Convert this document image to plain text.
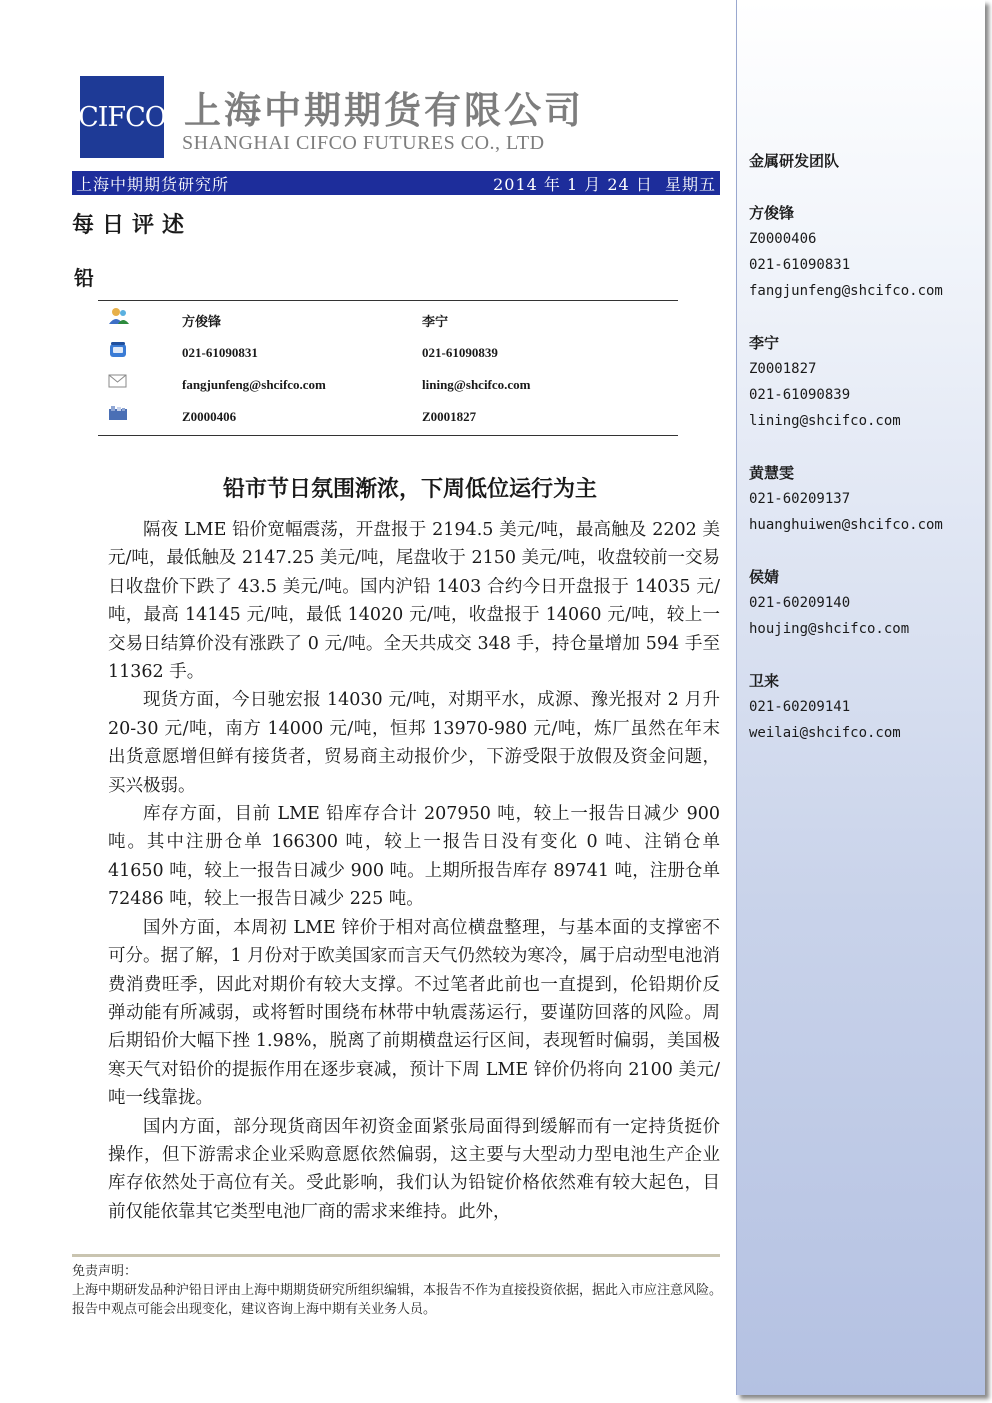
CIFCO 上海中期期货有限公司
SHANGHAI CIFCO FUTURES CO., LTD
上海中期期货研究所	2014 年 1 月 24 日  星期五
每日评述
铅
方俊锋	李宁
021-61090831	021-61090839
fangjunfeng@shcifco.com	lining@shcifco.com
Z0000406	Z0001827
铅市节日氛围渐浓，下周低位运行为主

隔夜 LME 铅价宽幅震荡，开盘报于 2194.5 美元/吨，最高触及 2202 美元/吨，最低触及 2147.25 美元/吨，尾盘收于 2150 美元/吨，收盘较前一交易日收盘价下跌了 43.5 美元/吨。国内沪铅 1403 合约今日开盘报于 14035 元/吨，最高 14145 元/吨，最低 14020 元/吨，收盘报于 14060 元/吨，较上一交易日结算价没有涨跌了 0 元/吨。全天共成交 348 手，持仓量增加 594 手至 11362 手。

现货方面，今日驰宏报 14030 元/吨，对期平水，成源、豫光报对 2 月升 20-30 元/吨，南方 14000 元/吨，恒邦 13970-980 元/吨，炼厂虽然在年末出货意愿增但鲜有接货者，贸易商主动报价少，下游受限于放假及资金问题，买兴极弱。

库存方面，目前 LME 铅库存合计 207950 吨，较上一报告日减少 900 吨。其中注册仓单 166300 吨，较上一报告日没有变化 0 吨、注销仓单 41650 吨，较上一报告日减少 900 吨。上期所报告库存 89741 吨，注册仓单 72486 吨，较上一报告日减少 225 吨。

国外方面，本周初 LME 锌价于相对高位横盘整理，与基本面的支撑密不可分。据了解，1 月份对于欧美国家而言天气仍然较为寒冷，属于启动型电池消费消费旺季，因此对期价有较大支撑。不过笔者此前也一直提到，伦铅期价反弹动能有所减弱，或将暂时围绕布林带中轨震荡运行，要谨防回落的风险。周后期铅价大幅下挫 1.98%，脱离了前期横盘运行区间，表现暂时偏弱，美国极寒天气对铅价的提振作用在逐步衰减，预计下周 LME 锌价仍将向 2100 美元/吨一线靠拢。

国内方面，部分现货商因年初资金面紧张局面得到缓解而有一定持货挺价操作，但下游需求企业采购意愿依然偏弱，这主要与大型动力型电池生产企业库存依然处于高位有关。受此影响，我们认为铅锭价格依然难有较大起色，目前仅能依靠其它类型电池厂商的需求来维持。此外，

免责声明：
上海中期研发品种沪铅日评由上海中期期货研究所组织编辑，本报告不作为直接投资依据，据此入市应注意风险。报告中观点可能会出现变化，建议咨询上海中期有关业务人员。
金属研发团队
方俊锋
Z0000406
021-61090831
fangjunfeng@shcifco.com
李宁
Z0001827
021-61090839
lining@shcifco.com
黄慧雯
021-60209137
huanghuiwen@shcifco.com
侯婧
021-60209140
houjing@shcifco.com
卫来
021-60209141
weilai@shcifco.com
